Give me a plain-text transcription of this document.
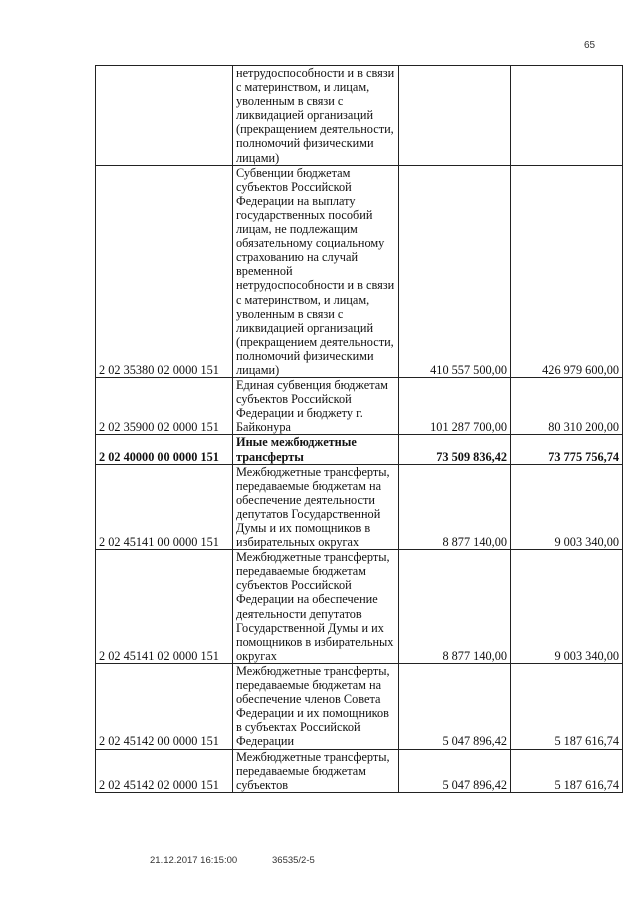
65
	нетрудоспособности и в связи с материнством, и лицам, уволенным в связи с ликвидацией организаций (прекращением деятельности, полномочий физическими лицами)		
2 02 35380 02 0000 151	Субвенции бюджетам субъектов Российской Федерации на выплату государственных пособий лицам, не подлежащим обязательному социальному страхованию на случай временной нетрудоспособности и в связи с материнством, и лицам, уволенным в связи с ликвидацией организаций (прекращением деятельности, полномочий физическими лицами)	410 557 500,00	426 979 600,00
2 02 35900 02 0000 151	Единая субвенция бюджетам субъектов Российской Федерации и бюджету г. Байконура	101 287 700,00	80 310 200,00
2 02 40000 00 0000 151	Иные межбюджетные трансферты	73 509 836,42	73 775 756,74
2 02 45141 00 0000 151	Межбюджетные трансферты, передаваемые бюджетам на обеспечение деятельности депутатов Государственной Думы и их помощников в избирательных округах	8 877 140,00	9 003 340,00
2 02 45141 02 0000 151	Межбюджетные трансферты, передаваемые бюджетам субъектов Российской Федерации на обеспечение деятельности депутатов Государственной Думы и их помощников в избирательных округах	8 877 140,00	9 003 340,00
2 02 45142 00 0000 151	Межбюджетные трансферты, передаваемые бюджетам на обеспечение членов Совета Федерации и их помощников в субъектах Российской Федерации	5 047 896,42	5 187 616,74
2 02 45142 02 0000 151	Межбюджетные трансферты, передаваемые бюджетам субъектов	5 047 896,42	5 187 616,74
21.12.2017 16:15:00	36535/2-5
